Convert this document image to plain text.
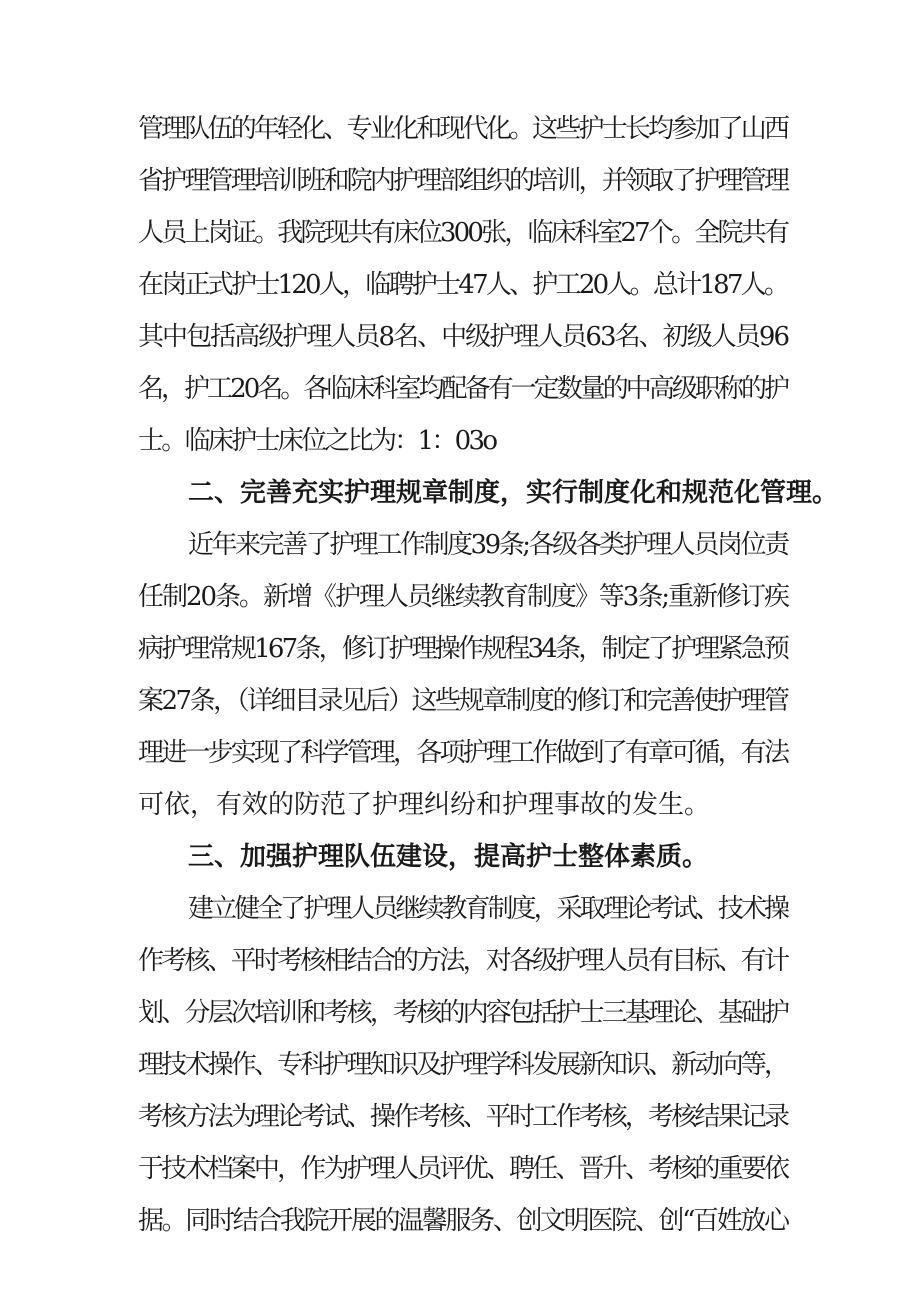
管理队伍的年轻化、专业化和现代化。这些护士长均参加了山西
省护理管理培训班和院内护理部组织的培训，并领取了护理管理
人员上岗证。我院现共有床位300张，临床科室27个。全院共有
在岗正式护士120人，临聘护士47人、护工20人。总计187人。
其中包括高级护理人员8名、中级护理人员63名、初级人员96
名，护工20名。各临床科室均配备有一定数量的中高级职称的护
士。临床护士床位之比为：1：03o
二、完善充实护理规章制度，实行制度化和规范化管理。
近年来完善了护理工作制度39条;各级各类护理人员岗位责
任制20条。新增《护理人员继续教育制度》等3条;重新修订疾
病护理常规167条，修订护理操作规程34条，制定了护理紧急预
案27条，（详细目录见后）这些规章制度的修订和完善使护理管
理进一步实现了科学管理，各项护理工作做到了有章可循，有法
可依，有效的防范了护理纠纷和护理事故的发生。
三、加强护理队伍建设，提高护士整体素质。
建立健全了护理人员继续教育制度，采取理论考试、技术操
作考核、平时考核相结合的方法，对各级护理人员有目标、有计
划、分层次培训和考核，考核的内容包括护士三基理论、基础护
理技术操作、专科护理知识及护理学科发展新知识、新动向等，
考核方法为理论考试、操作考核、平时工作考核，考核结果记录
于技术档案中，作为护理人员评优、聘任、晋升、考核的重要依
据。同时结合我院开展的温馨服务、创文明医院、创“百姓放心
